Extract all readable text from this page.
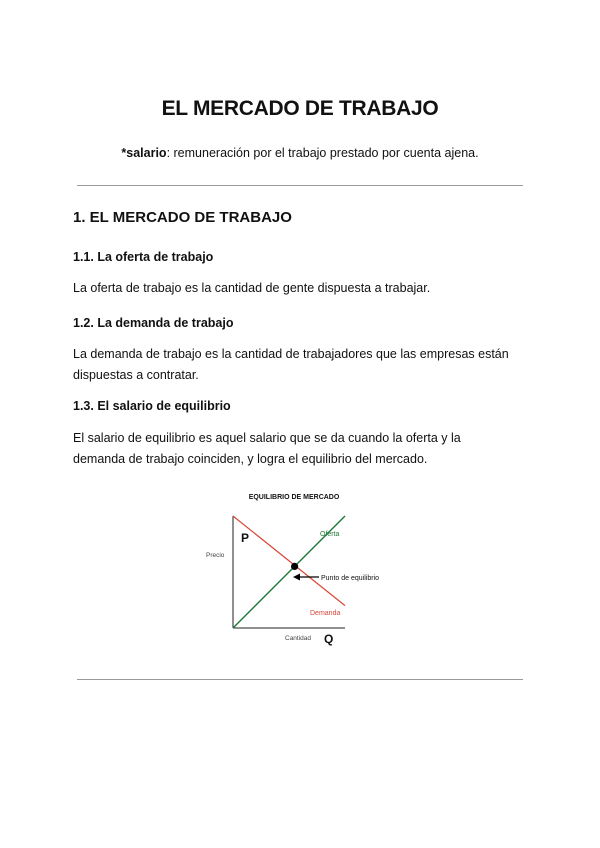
EL MERCADO DE TRABAJO
*salario: remuneración por el trabajo prestado por cuenta ajena.
1. EL MERCADO DE TRABAJO
1.1. La oferta de trabajo
La oferta de trabajo es la cantidad de gente dispuesta a trabajar.
1.2. La demanda de trabajo
La demanda de trabajo es la cantidad de trabajadores que las empresas están
dispuestas a contratar.
1.3. El salario de equilibrio
El salario de equilibrio es aquel salario que se da cuando la oferta y la
demanda de trabajo coinciden, y logra el equilibrio del mercado.
EQUILIBRIO DE MERCADO
P
Precio
Cantidad Q
Oferta
Demanda
Punto de equilibrio
